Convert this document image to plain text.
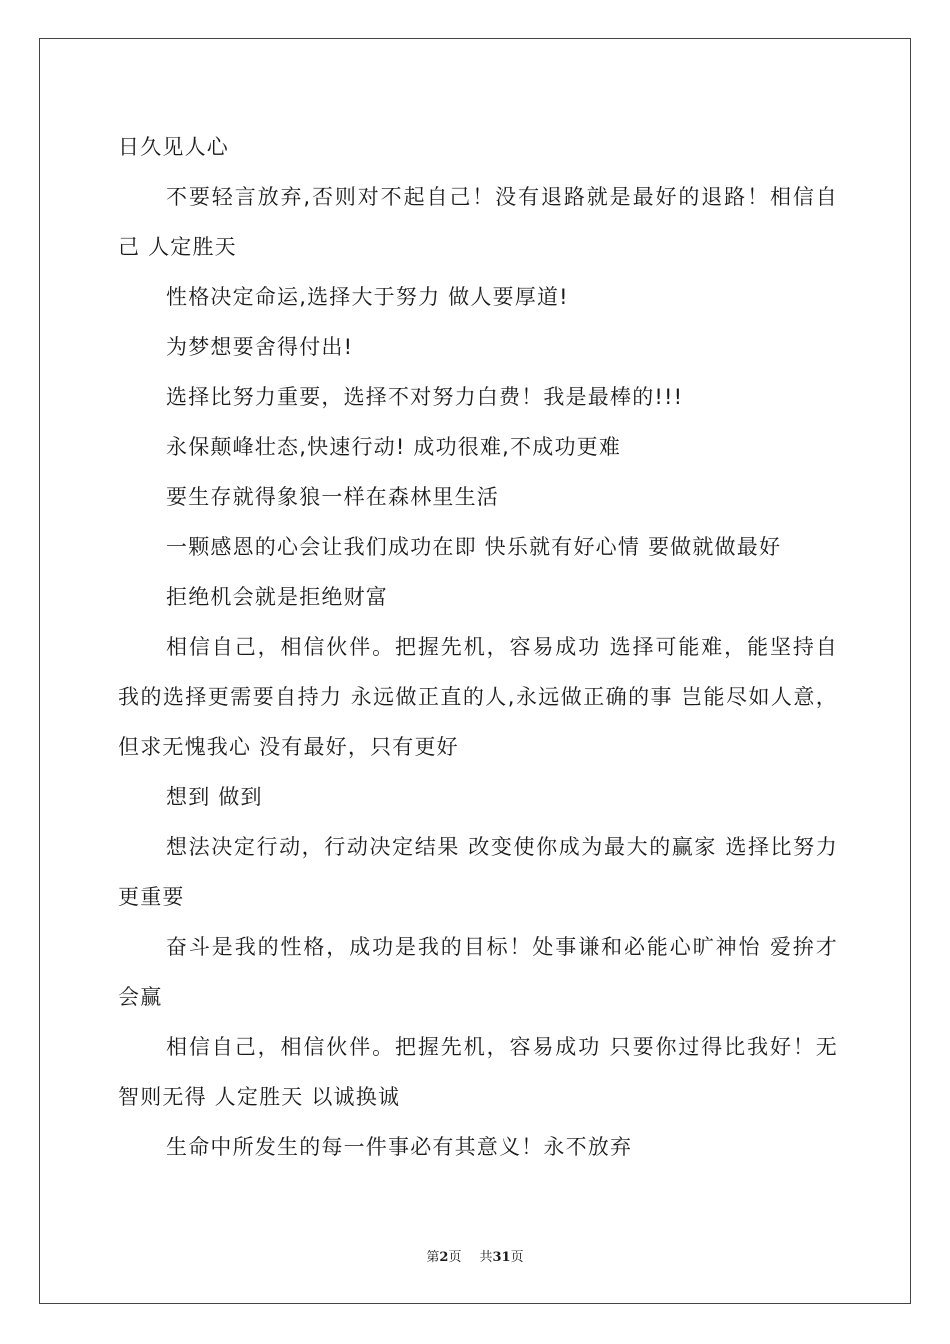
日久见人心

不要轻言放弃,否则对不起自己！没有退路就是最好的退路！相信自己 人定胜天

性格决定命运,选择大于努力 做人要厚道!

为梦想要舍得付出!

选择比努力重要，选择不对努力白费！我是最棒的!!!

永保颠峰壮态,快速行动! 成功很难,不成功更难

要生存就得象狼一样在森林里生活

一颗感恩的心会让我们成功在即 快乐就有好心情 要做就做最好

拒绝机会就是拒绝财富

相信自己，相信伙伴。把握先机，容易成功 选择可能难，能坚持自我的选择更需要自持力 永远做正直的人,永远做正确的事 岂能尽如人意，但求无愧我心 没有最好，只有更好

想到 做到

想法决定行动，行动决定结果 改变使你成为最大的赢家 选择比努力更重要

奋斗是我的性格，成功是我的目标！处事谦和必能心旷神怡 爱拚才会赢

相信自己，相信伙伴。把握先机，容易成功 只要你过得比我好！无智则无得 人定胜天 以诚换诚

生命中所发生的每一件事必有其意义！永不放弃

第2页 共31页
